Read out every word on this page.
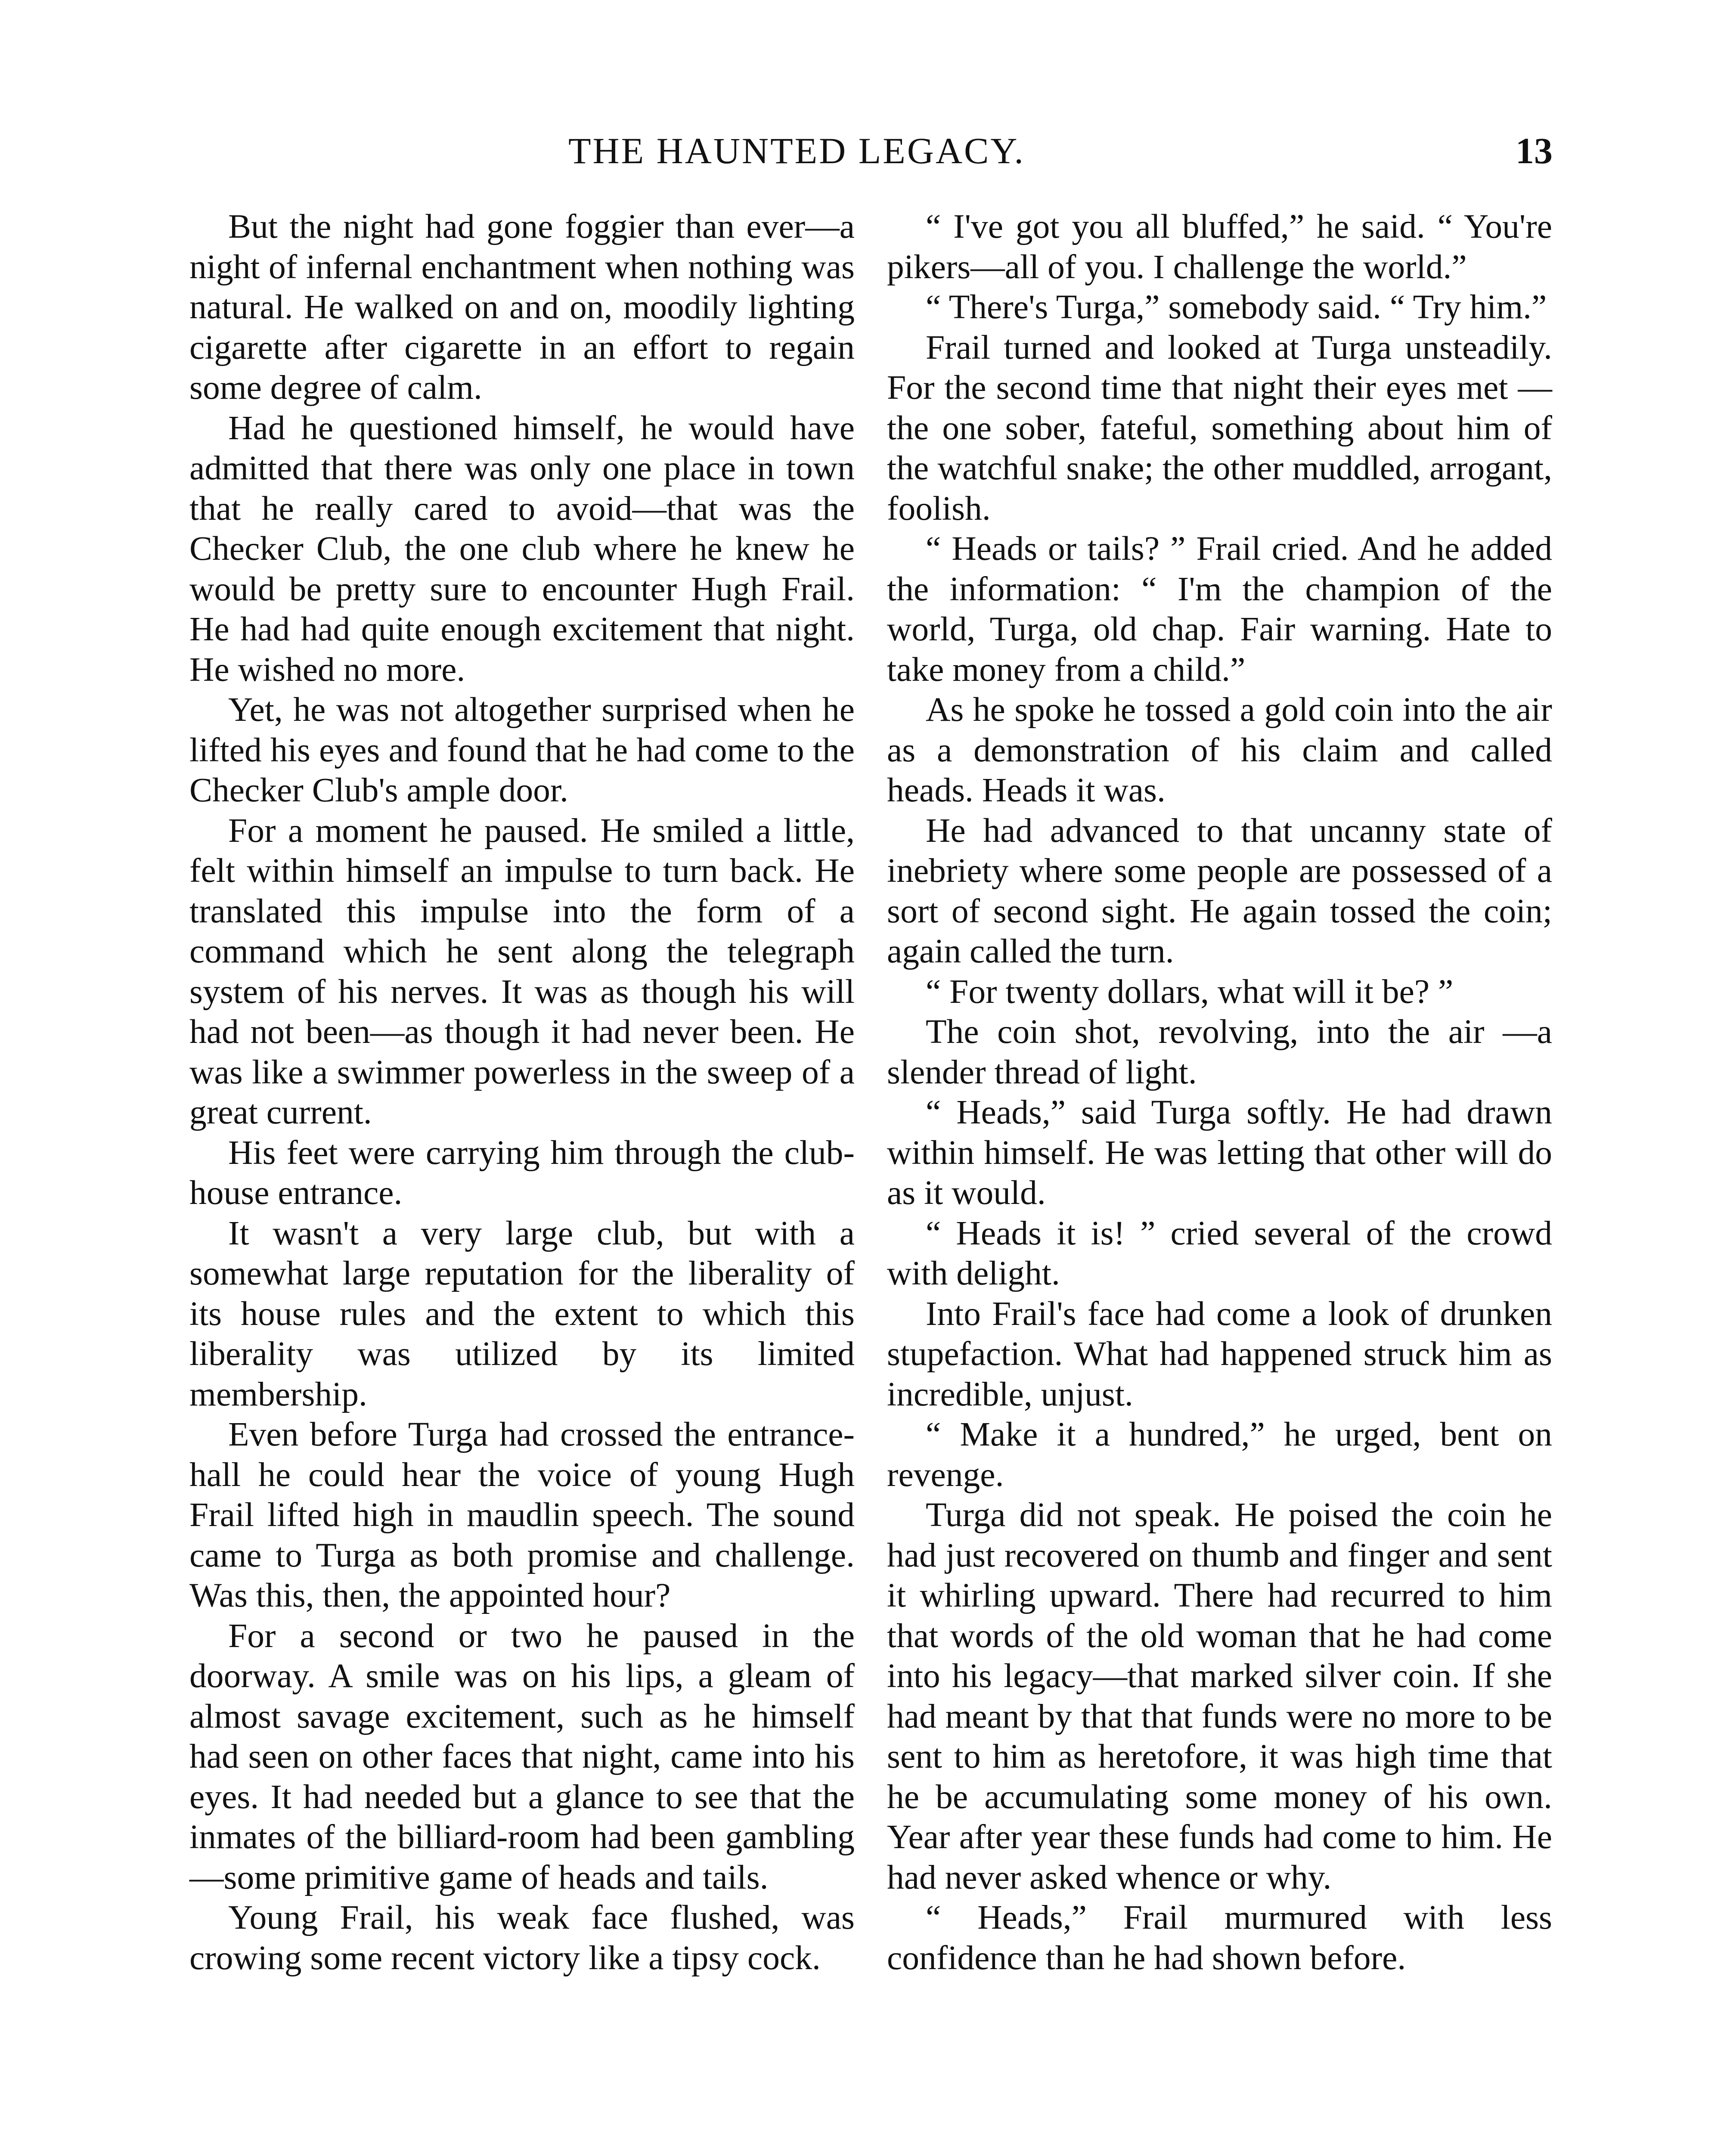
THE HAUNTED LEGACY.	13

But the night had gone foggier than ever—a night of infernal enchantment when nothing was natural. He walked on and on, moodily lighting cigarette after cigarette in an effort to regain some degree of calm.

Had he questioned himself, he would have admitted that there was only one place in town that he really cared to avoid—that was the Checker Club, the one club where he knew he would be pretty sure to encounter Hugh Frail. He had had quite enough excitement that night. He wished no more.

Yet, he was not altogether surprised when he lifted his eyes and found that he had come to the Checker Club's ample door.

For a moment he paused. He smiled a little, felt within himself an impulse to turn back. He translated this impulse into the form of a command which he sent along the telegraph system of his nerves. It was as though his will had not been—as though it had never been. He was like a swimmer powerless in the sweep of a great current.

His feet were carrying him through the club-house entrance.

It wasn't a very large club, but with a somewhat large reputation for the liberality of its house rules and the extent to which this liberality was utilized by its limited membership.

Even before Turga had crossed the entrance-hall he could hear the voice of young Hugh Frail lifted high in maudlin speech. The sound came to Turga as both promise and challenge. Was this, then, the appointed hour?

For a second or two he paused in the doorway. A smile was on his lips, a gleam of almost savage excitement, such as he himself had seen on other faces that night, came into his eyes. It had needed but a glance to see that the inmates of the billiard-room had been gambling—some primitive game of heads and tails.

Young Frail, his weak face flushed, was crowing some recent victory like a tipsy cock.

“ I've got you all bluffed,” he said. “ You're pikers—all of you. I challenge the world.”

“ There's Turga,” somebody said. “ Try him.”

Frail turned and looked at Turga unsteadily. For the second time that night their eyes met — the one sober, fateful, something about him of the watchful snake; the other muddled, arrogant, foolish.

“ Heads or tails? ” Frail cried. And he added the information: “ I'm the champion of the world, Turga, old chap. Fair warning. Hate to take money from a child.”

As he spoke he tossed a gold coin into the air as a demonstration of his claim and called heads. Heads it was.

He had advanced to that uncanny state of inebriety where some people are possessed of a sort of second sight. He again tossed the coin; again called the turn.

“ For twenty dollars, what will it be? ”

The coin shot, revolving, into the air —a slender thread of light.

“ Heads,” said Turga softly. He had drawn within himself. He was letting that other will do as it would.

“ Heads it is! ” cried several of the crowd with delight.

Into Frail's face had come a look of drunken stupefaction. What had happened struck him as incredible, unjust.

“ Make it a hundred,” he urged, bent on revenge.

Turga did not speak. He poised the coin he had just recovered on thumb and finger and sent it whirling upward. There had recurred to him that words of the old woman that he had come into his legacy—that marked silver coin. If she had meant by that that funds were no more to be sent to him as heretofore, it was high time that he be accumulating some money of his own. Year after year these funds had come to him. He had never asked whence or why.

“ Heads,” Frail murmured with less confidence than he had shown before.
